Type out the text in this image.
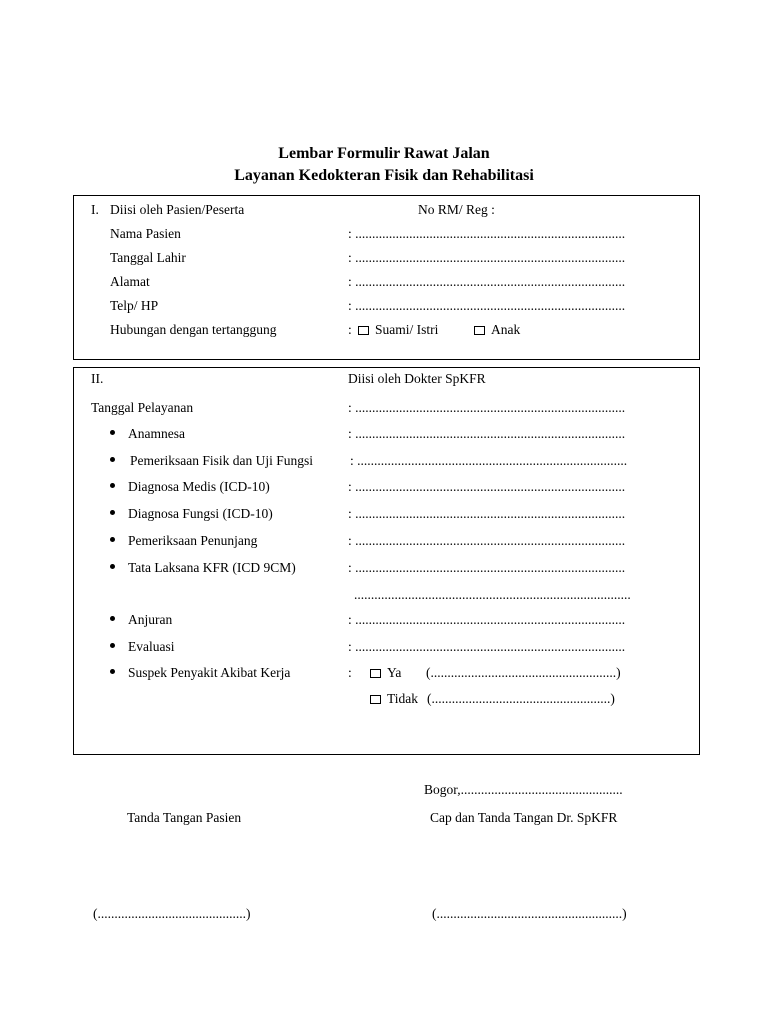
Lembar Formulir Rawat Jalan
Layanan Kedokteran Fisik dan Rehabilitasi
I. Diisi oleh Pasien/Peserta	No RM/ Reg :
Nama Pasien	: ................................................................................
Tanggal Lahir	: ................................................................................
Alamat	: ................................................................................
Telp/ HP	: ................................................................................
Hubungan dengan tertanggung	:	Suami/ Istri	Anak
II.	Diisi oleh Dokter SpKFR
Tanggal Pelayanan	: ................................................................................
Anamnesa	: ................................................................................
Pemeriksaan Fisik dan Uji Fungsi	: ................................................................................
Diagnosa Medis (ICD-10)	: ................................................................................
Diagnosa Fungsi (ICD-10)	: ................................................................................
Pemeriksaan Penunjang	: ................................................................................
Tata Laksana KFR (ICD 9CM)	: ................................................................................
..................................................................................
Anjuran	: ................................................................................
Evaluasi	: ................................................................................
Suspek Penyakit Akibat Kerja	:	Ya (.......................................................)
Tidak (.....................................................)
Bogor,................................................
Tanda Tangan Pasien	Cap dan Tanda Tangan Dr. SpKFR
(............................................)	(.......................................................)
